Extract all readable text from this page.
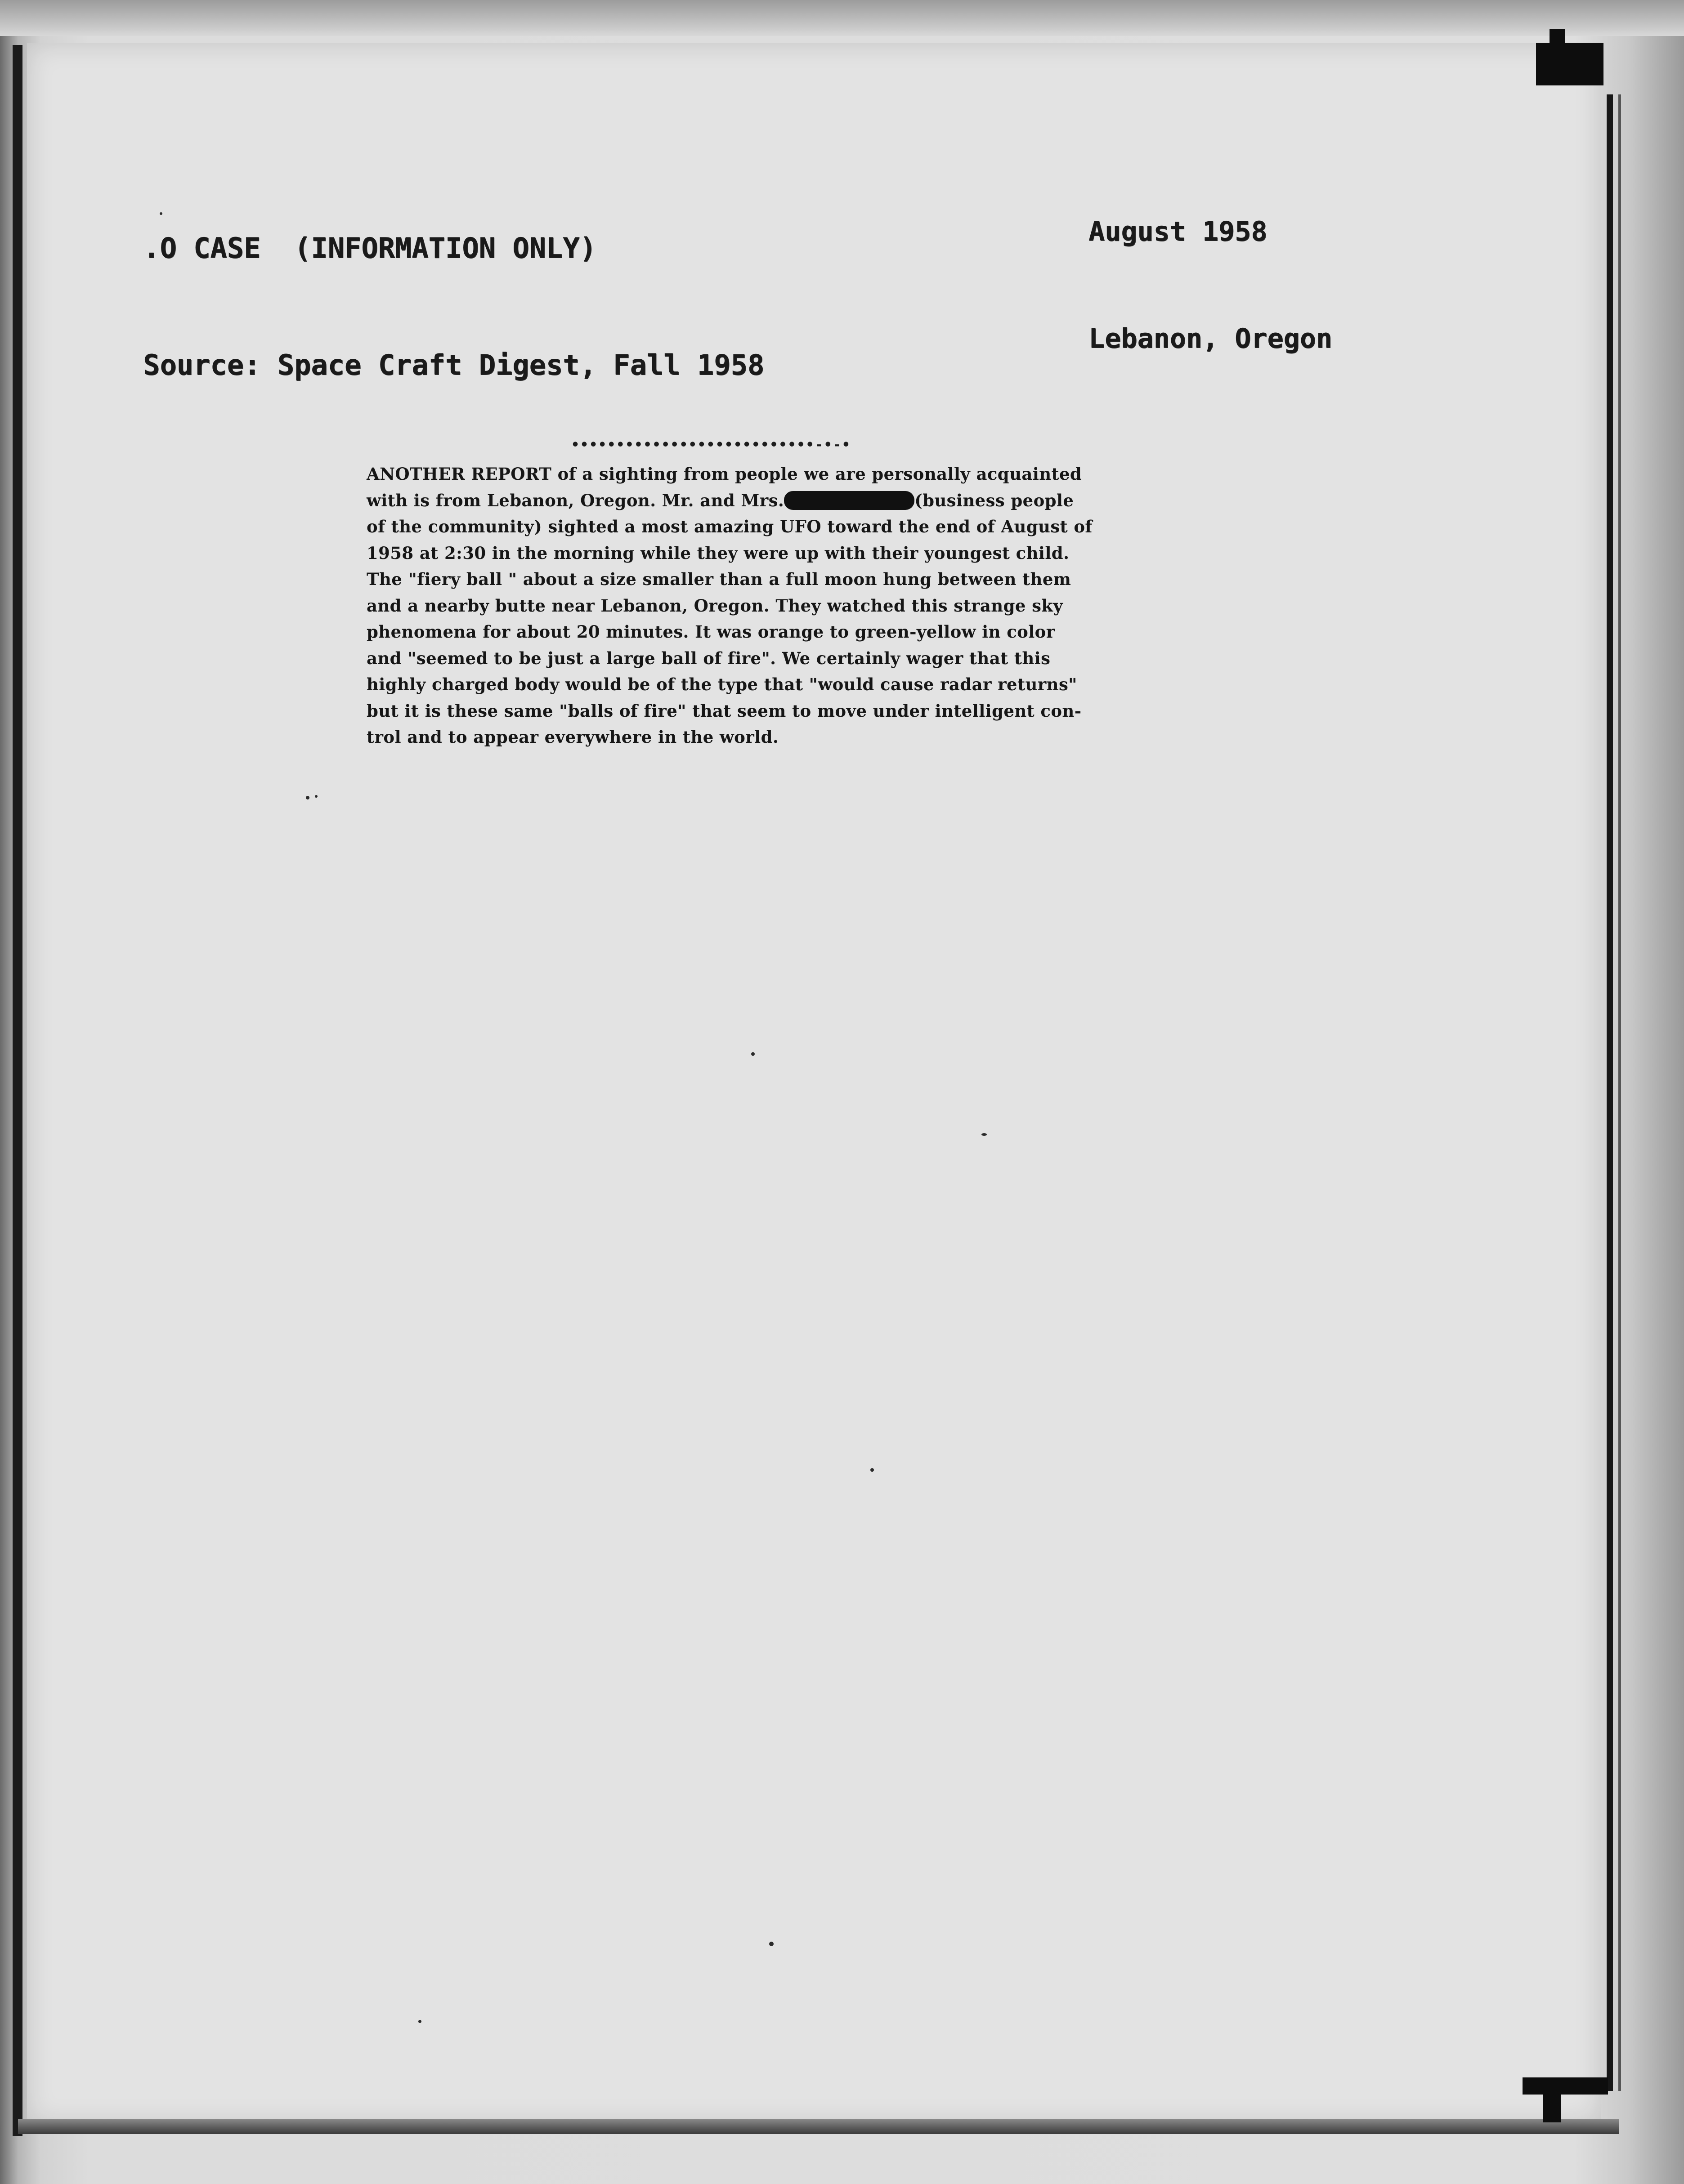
.O CASE  (INFORMATION ONLY)

Source: Space Craft Digest, Fall 1958

August 1958

Lebanon, Oregon

•••••••••••••••••••••••••••-•-•
ANOTHER REPORT of a sighting from people we are personally acquainted
with is from Lebanon, Oregon. Mr. and Mrs.	(business people
of the community) sighted a most amazing UFO toward the end of August of
1958 at 2:30 in the morning while they were up with their youngest child.
The "fiery ball " about a size smaller than a full moon hung between them
and a nearby butte near Lebanon, Oregon. They watched this strange sky
phenomena for about 20 minutes. It was orange to green-yellow in color
and "seemed to be just a large ball of fire". We certainly wager that this
highly charged body would be of the type that "would cause radar returns"
but it is these same "balls of fire" that seem to move under intelligent con-
trol and to appear everywhere in the world.
